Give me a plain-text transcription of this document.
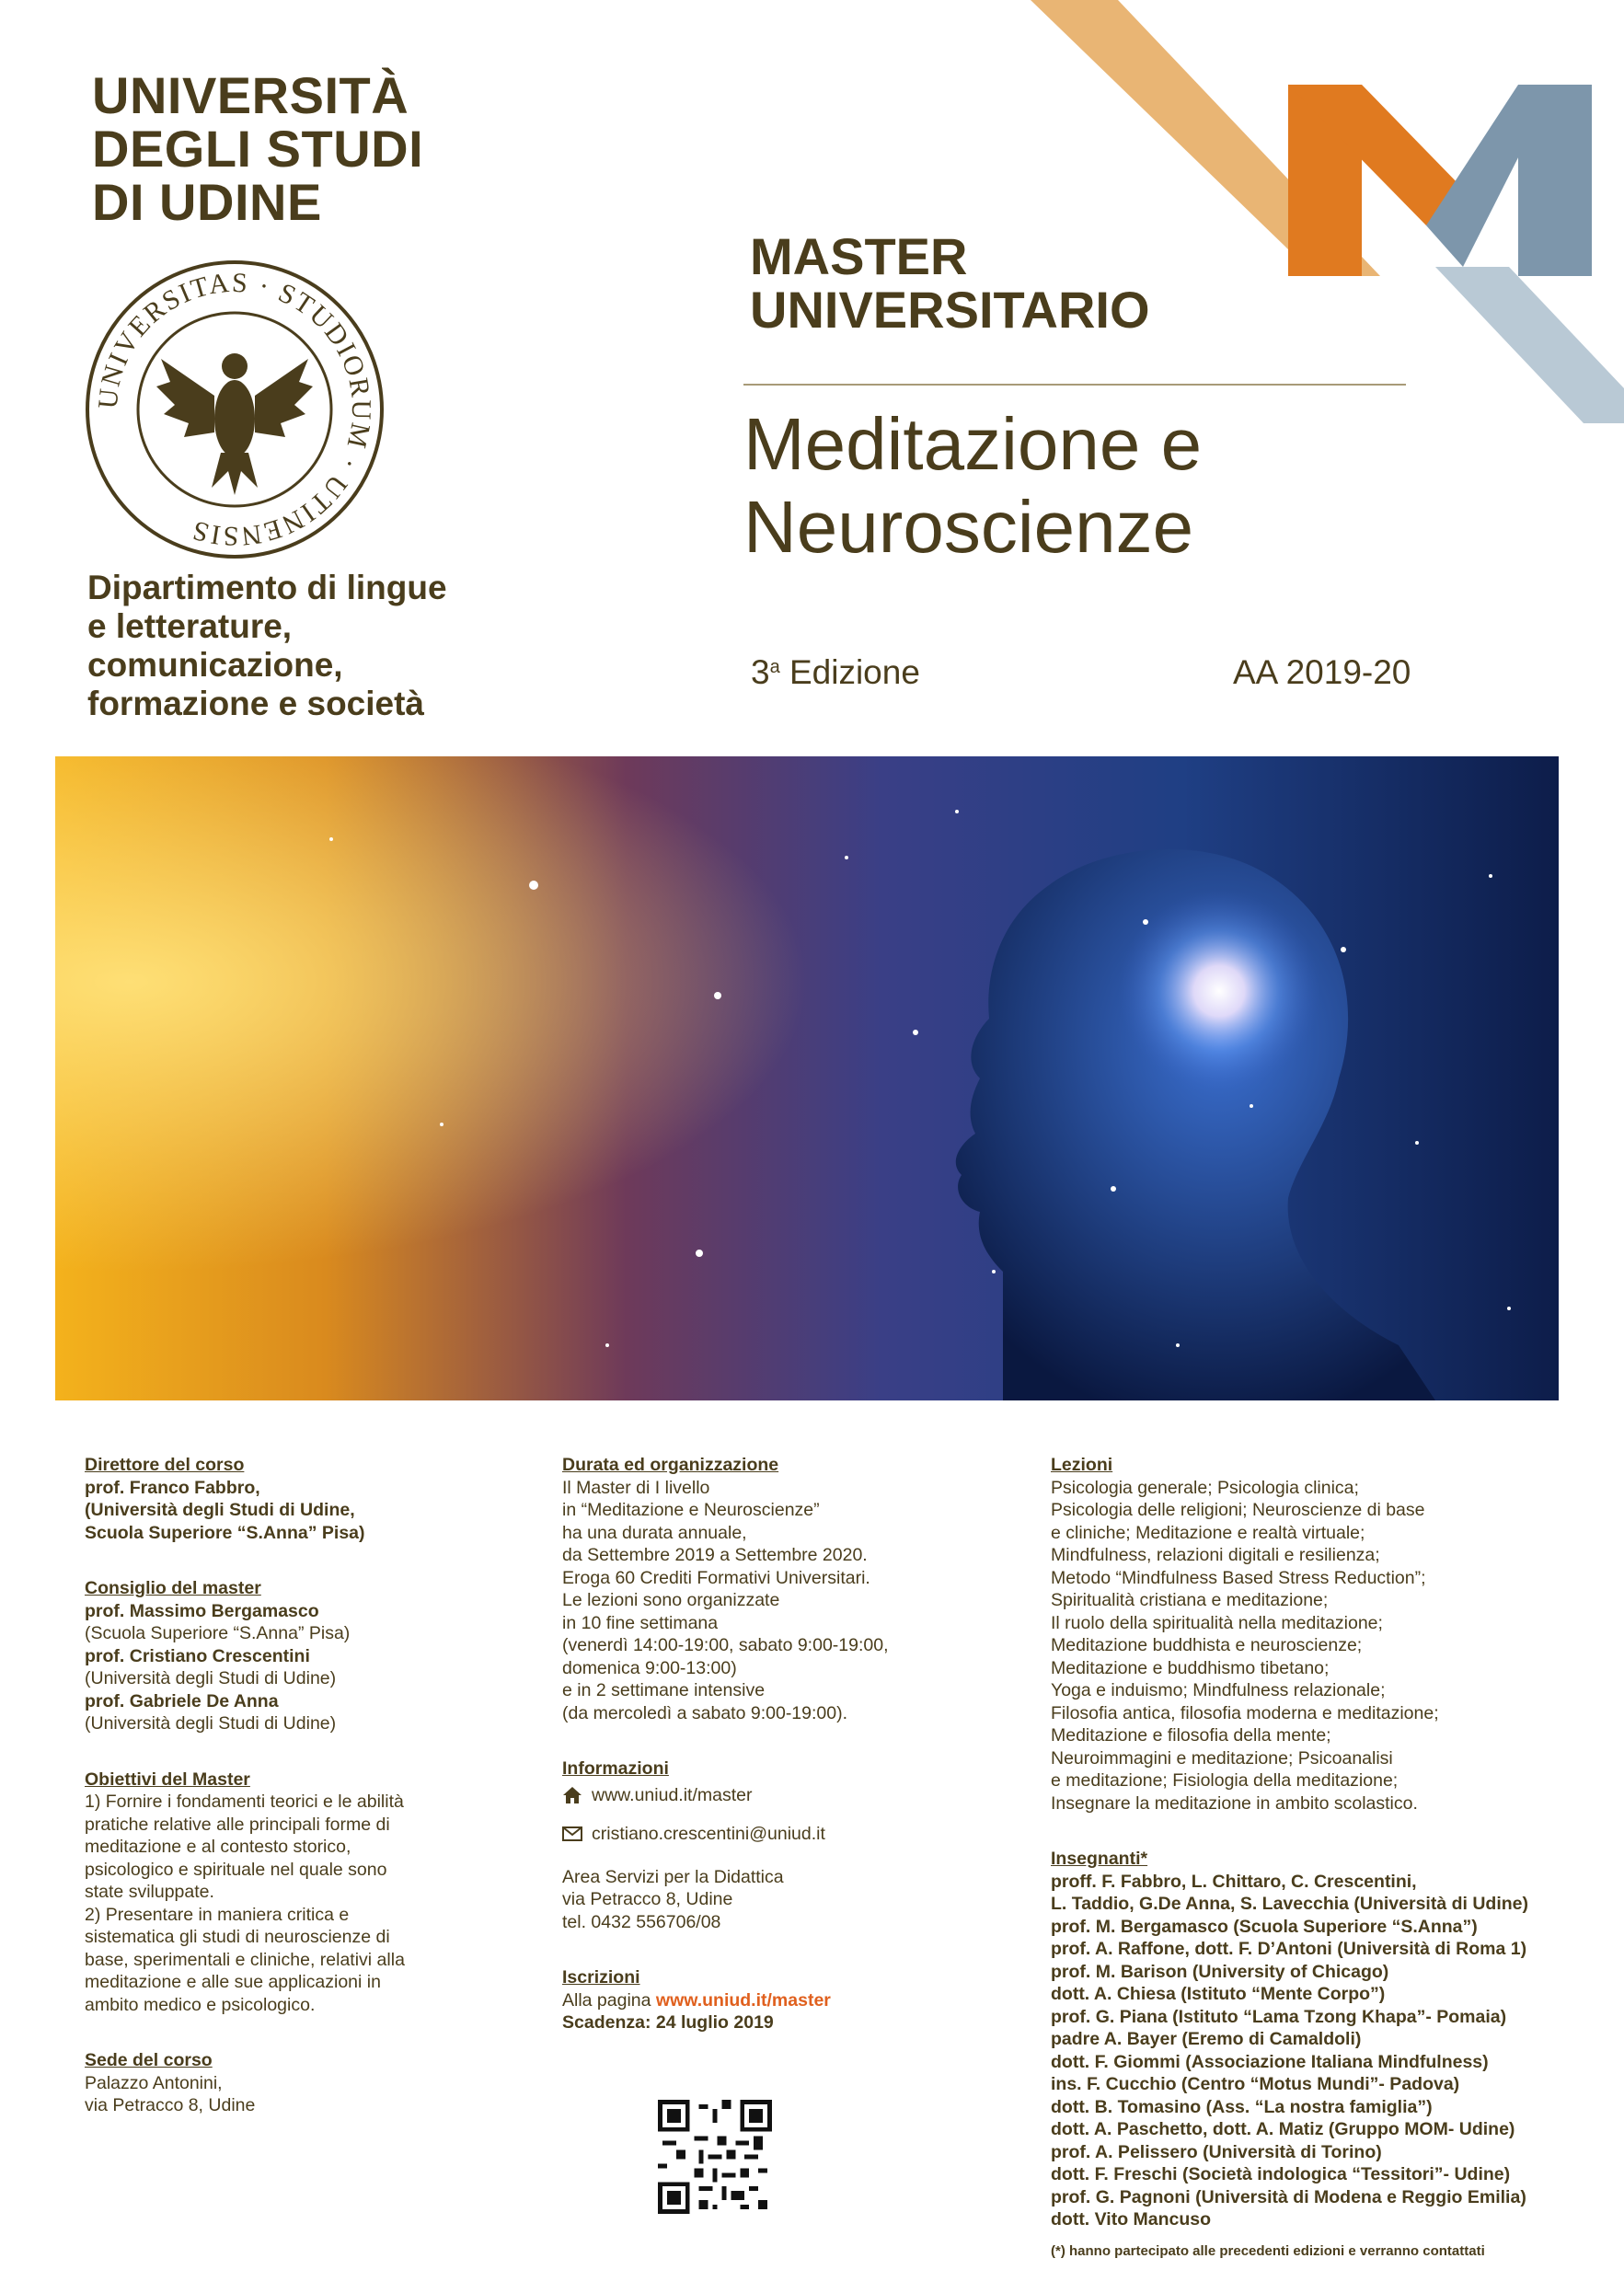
UNIVERSITÀ
DEGLI STUDI
DI UDINE
UNIVERSITAS · STUDIORUM · UTINENSIS
Dipartimento di lingue
e letterature,
comunicazione,
formazione e società
MASTER
UNIVERSITARIO
Meditazione e
Neuroscienze
3$^a$ Edizione	AA 2019-20
Direttore del corso
prof. Franco Fabbro,
(Università degli Studi di Udine,
Scuola Superiore “S.Anna” Pisa)
Consiglio del master
prof. Massimo Bergamasco
(Scuola Superiore “S.Anna” Pisa)
prof. Cristiano Crescentini
(Università degli Studi di Udine)
prof. Gabriele De Anna
(Università degli Studi di Udine)
Obiettivi del Master
1) Fornire i fondamenti teorici e le abilità
pratiche relative alle principali forme di
meditazione e al contesto storico,
psicologico e spirituale nel quale sono
state sviluppate.
2) Presentare in maniera critica e
sistematica gli studi di neuroscienze di
base, sperimentali e cliniche, relativi alla
meditazione e alle sue applicazioni in
ambito medico e psicologico.
Sede del corso
Palazzo Antonini,
via Petracco 8, Udine
Durata ed organizzazione
Il Master di I livello
in “Meditazione e Neuroscienze”
ha una durata annuale,
da Settembre 2019 a Settembre 2020.
Eroga 60 Crediti Formativi Universitari.
Le lezioni sono organizzate
in 10 fine settimana
(venerdì 14:00-19:00, sabato 9:00-19:00,
domenica 9:00-13:00)
e in 2 settimane intensive
(da mercoledì a sabato 9:00-19:00).
Informazioni
www.uniud.it/master
cristiano.crescentini@uniud.it
Area Servizi per la Didattica
via Petracco 8, Udine
tel. 0432 556706/08
Iscrizioni
Alla pagina www.uniud.it/master
Scadenza: 24 luglio 2019
Lezioni
Psicologia generale; Psicologia clinica;
Psicologia delle religioni; Neuroscienze di base
e cliniche; Meditazione e realtà virtuale;
Mindfulness, relazioni digitali e resilienza;
Metodo “Mindfulness Based Stress Reduction”;
Spiritualità cristiana e meditazione;
Il ruolo della spiritualità nella meditazione;
Meditazione buddhista e neuroscienze;
Meditazione e buddhismo tibetano;
Yoga e induismo; Mindfulness relazionale;
Filosofia antica, filosofia moderna e meditazione;
Meditazione e filosofia della mente;
Neuroimmagini e meditazione; Psicoanalisi
e meditazione; Fisiologia della meditazione;
Insegnare la meditazione in ambito scolastico.
Insegnanti*
proff. F. Fabbro, L. Chittaro, C. Crescentini,
L. Taddio, G.De Anna, S. Lavecchia (Università di Udine)
prof. M. Bergamasco (Scuola Superiore “S.Anna”)
prof. A. Raffone, dott. F. D’Antoni (Università di Roma 1)
prof. M. Barison (University of Chicago)
dott. A. Chiesa (Istituto “Mente Corpo”)
prof. G. Piana (Istituto “Lama Tzong Khapa”- Pomaia)
padre A. Bayer (Eremo di Camaldoli)
dott. F. Giommi (Associazione Italiana Mindfulness)
ins. F. Cucchio (Centro “Motus Mundi”- Padova)
dott. B. Tomasino (Ass. “La nostra famiglia”)
dott. A. Paschetto, dott. A. Matiz (Gruppo MOM- Udine)
prof. A. Pelissero (Università di Torino)
dott. F. Freschi (Società indologica “Tessitori”- Udine)
prof. G. Pagnoni (Università di Modena e Reggio Emilia)
dott. Vito Mancuso
(*) hanno partecipato alle precedenti edizioni e verranno contattati
